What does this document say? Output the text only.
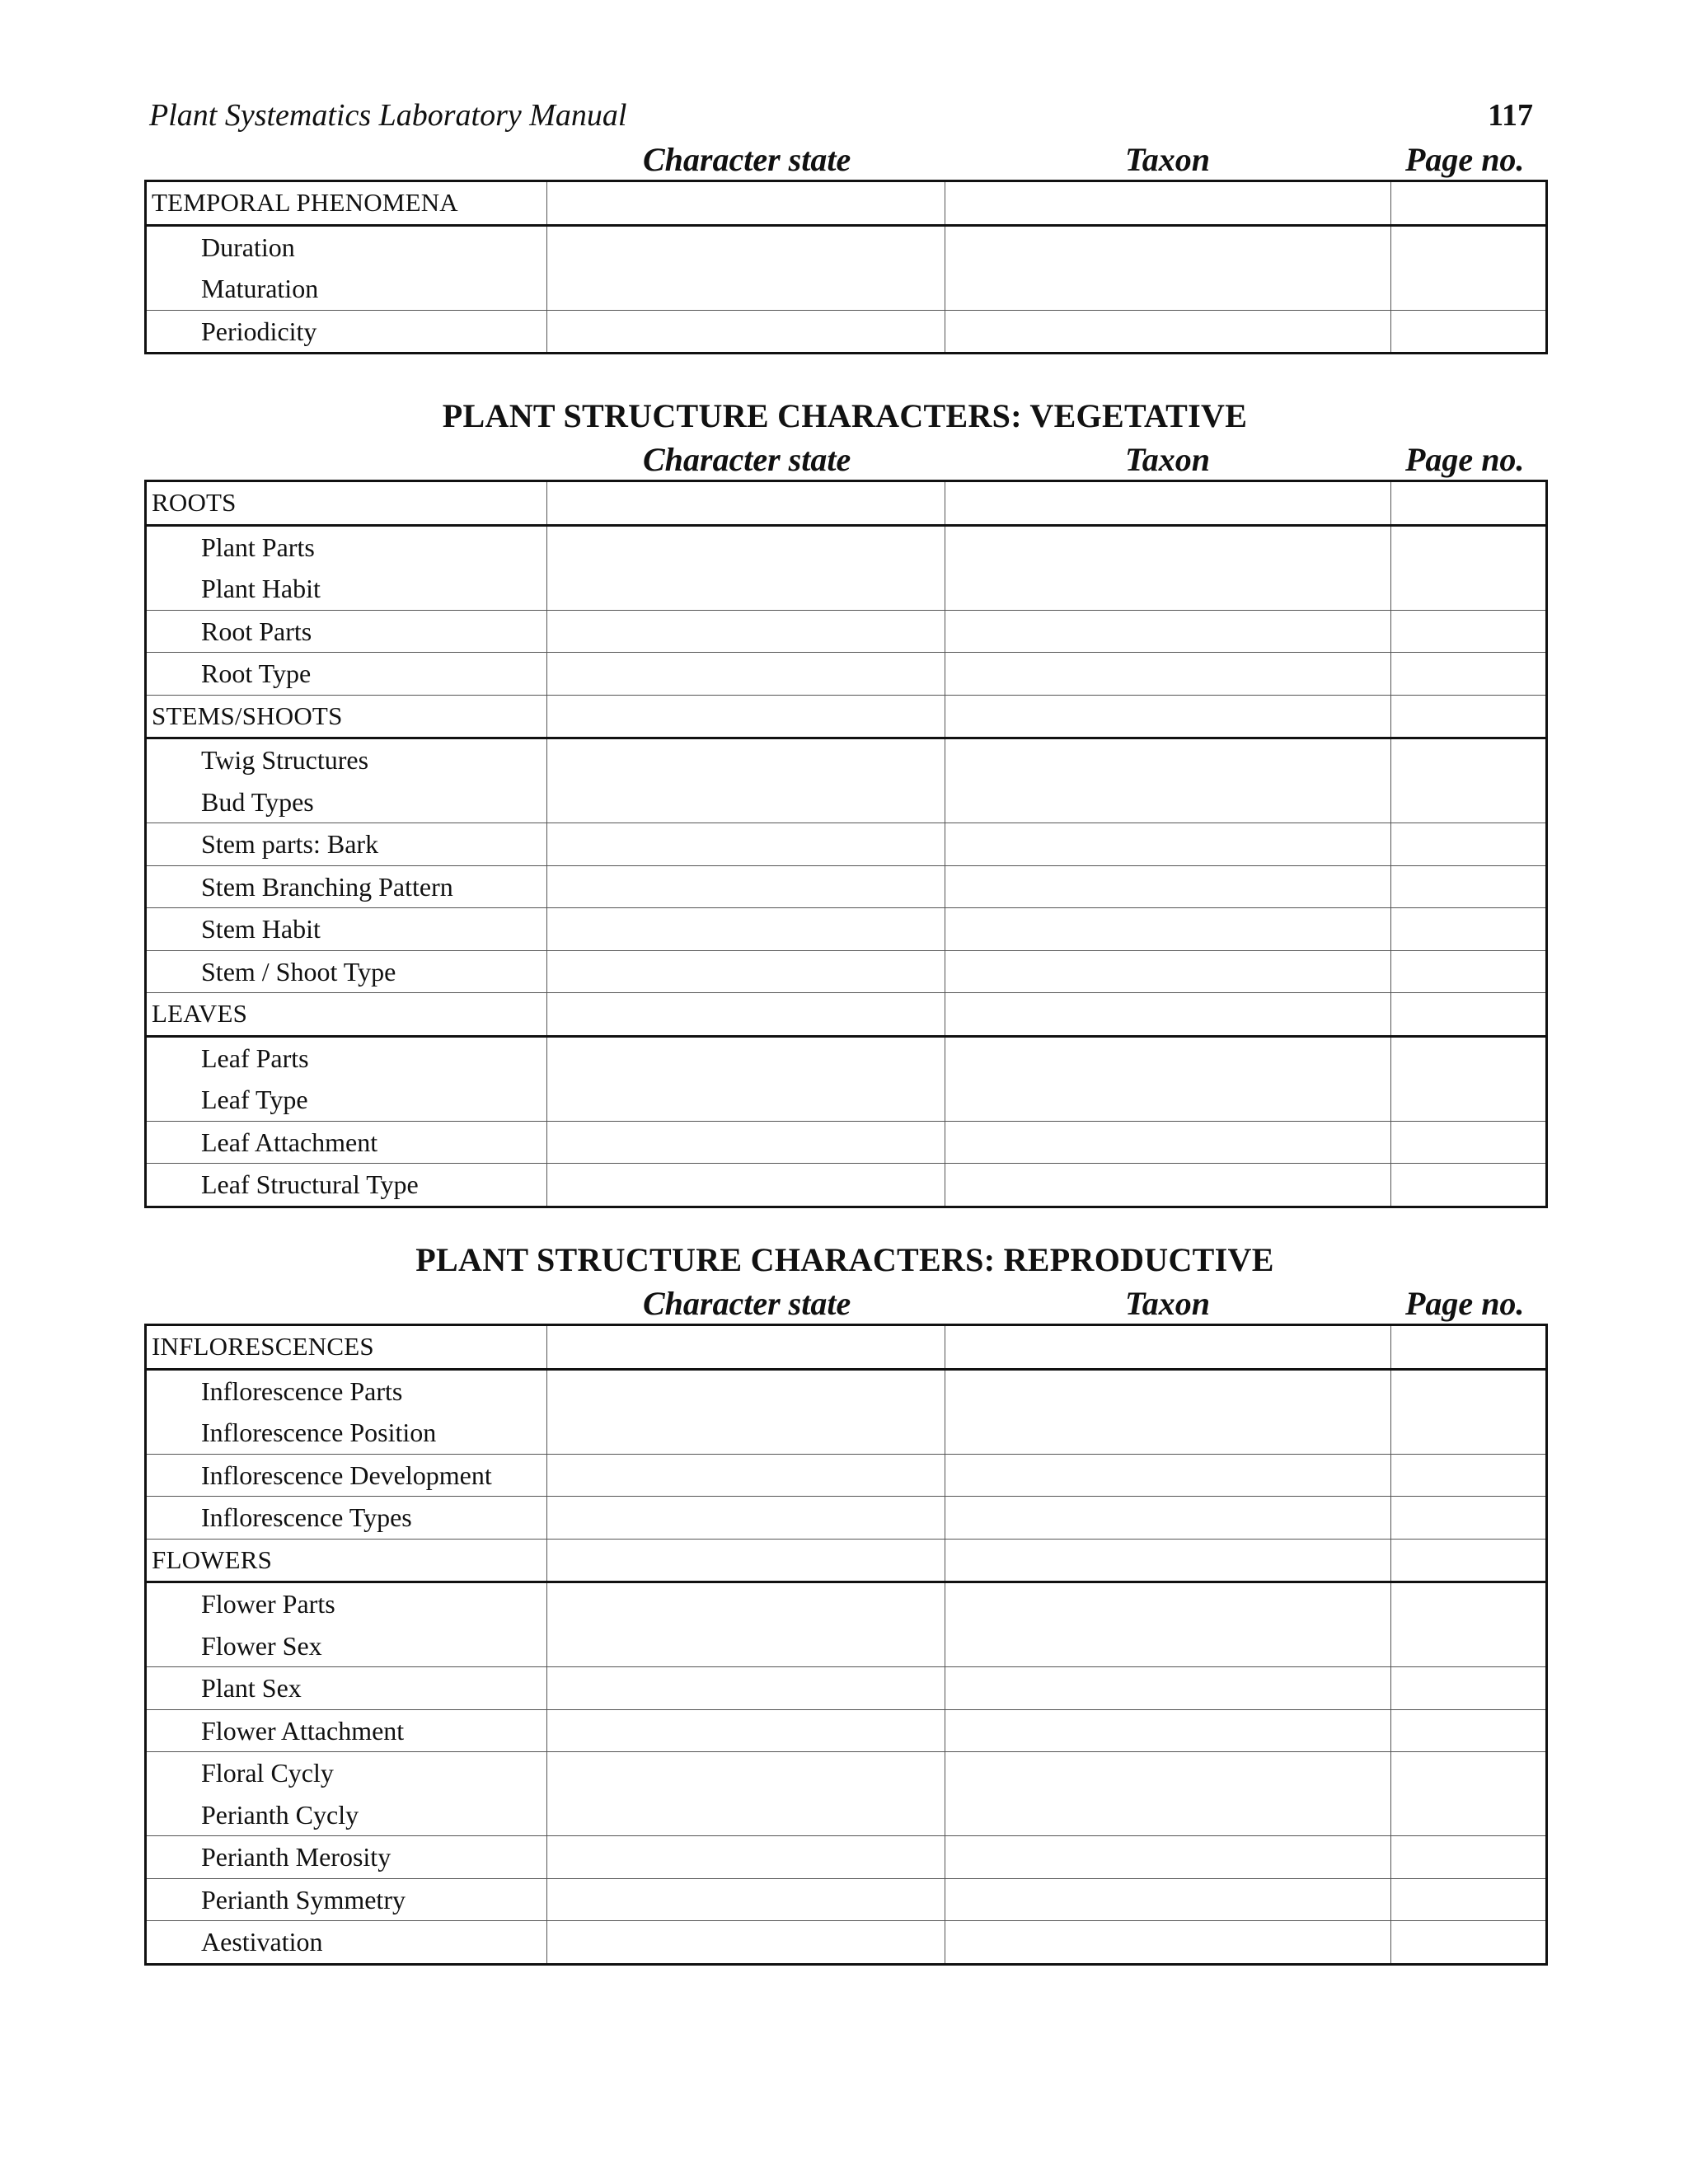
Plant Systematics Laboratory Manual	117
Character state	Taxon	Page no.
TEMPORAL PHENOMENA			

Duration
Maturation			

Periodicity			

PLANT STRUCTURE CHARACTERS: VEGETATIVE
Character state	Taxon	Page no.
ROOTS			

Plant Parts
Plant Habit			

Root Parts			

Root Type			

STEMS/SHOOTS			

Twig Structures
Bud Types			

Stem parts: Bark			

Stem Branching Pattern			

Stem Habit			

Stem / Shoot Type			

LEAVES			

Leaf Parts
Leaf Type			

Leaf Attachment			

Leaf Structural Type			

PLANT STRUCTURE CHARACTERS: REPRODUCTIVE
Character state	Taxon	Page no.
INFLORESCENCES			

Inflorescence Parts
Inflorescence Position			

Inflorescence Development			

Inflorescence Types			

FLOWERS			

Flower Parts
Flower Sex			

Plant Sex			

Flower Attachment			

Floral Cycly
Perianth Cycly			

Perianth Merosity			

Perianth Symmetry			

Aestivation			
